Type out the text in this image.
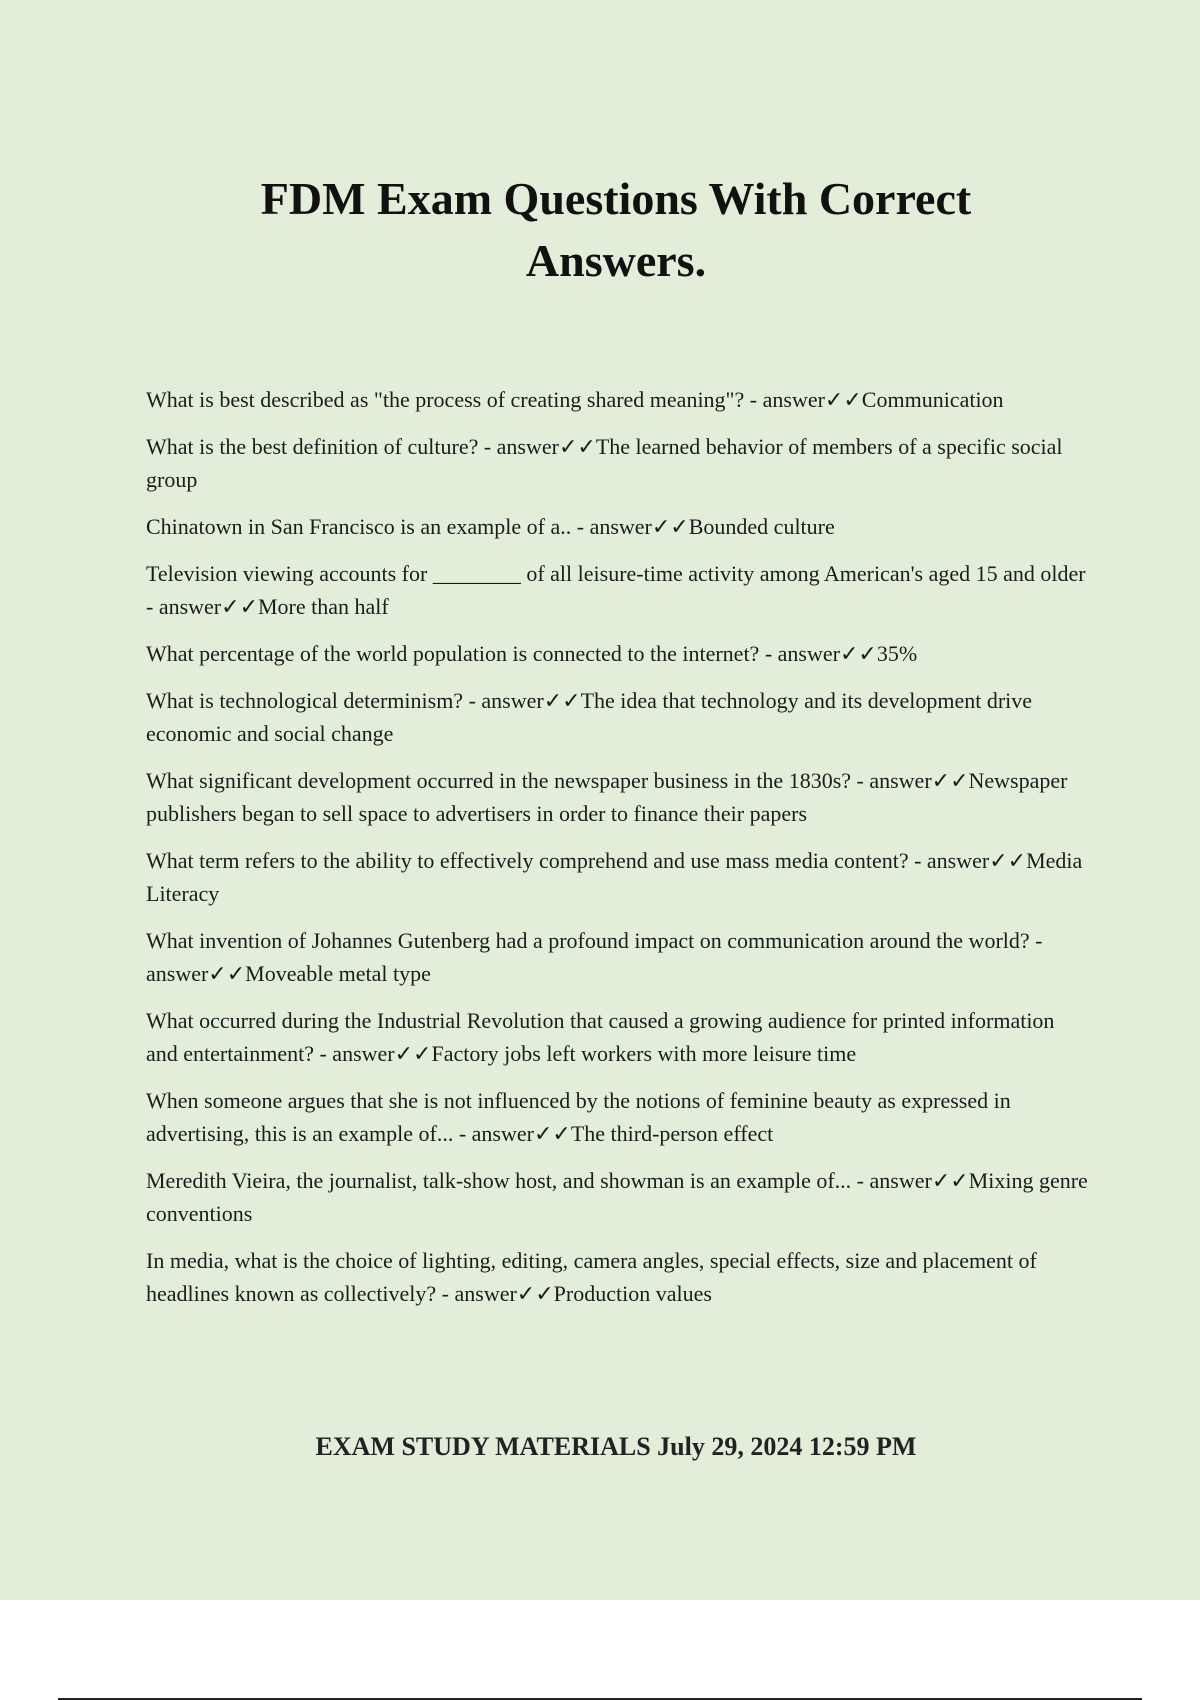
FDM Exam Questions With Correct
Answers.
What is best described as "the process of creating shared meaning"? - answer✓✓Communication
What is the best definition of culture? - answer✓✓The learned behavior of members of a specific social group
Chinatown in San Francisco is an example of a.. - answer✓✓Bounded culture
Television viewing accounts for ________ of all leisure-time activity among American's aged 15 and older - answer✓✓More than half
What percentage of the world population is connected to the internet? - answer✓✓35%
What is technological determinism? - answer✓✓The idea that technology and its development drive economic and social change
What significant development occurred in the newspaper business in the 1830s? - answer✓✓Newspaper publishers began to sell space to advertisers in order to finance their papers
What term refers to the ability to effectively comprehend and use mass media content? - answer✓✓Media Literacy
What invention of Johannes Gutenberg had a profound impact on communication around the world? - answer✓✓Moveable metal type
What occurred during the Industrial Revolution that caused a growing audience for printed information and entertainment? - answer✓✓Factory jobs left workers with more leisure time
When someone argues that she is not influenced by the notions of feminine beauty as expressed in advertising, this is an example of... - answer✓✓The third-person effect
Meredith Vieira, the journalist, talk-show host, and showman is an example of... - answer✓✓Mixing genre conventions
In media, what is the choice of lighting, editing, camera angles, special effects, size and placement of headlines known as collectively? - answer✓✓Production values
EXAM STUDY MATERIALS July 29, 2024 12:59 PM
